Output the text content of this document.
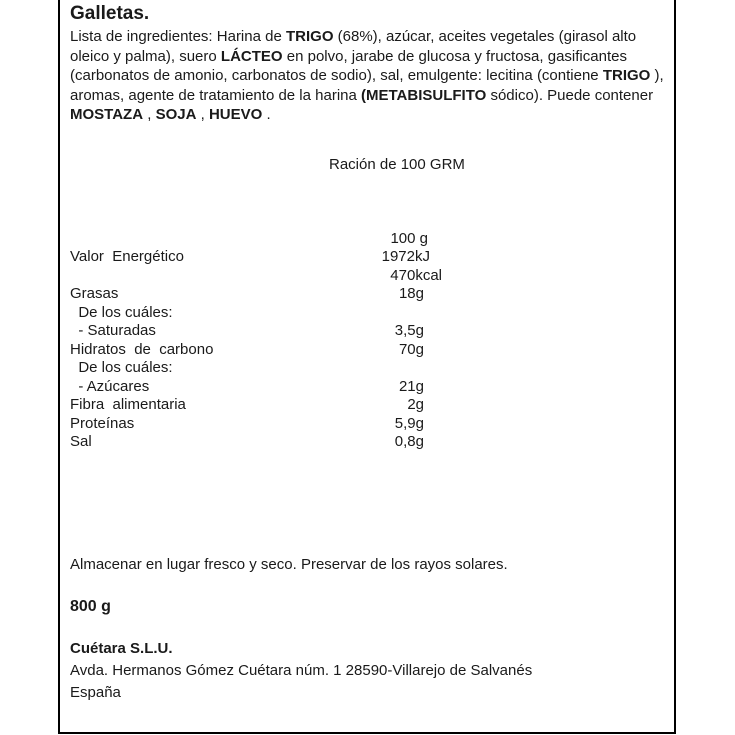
Galletas.

Lista de ingredientes: Harina de TRIGO (68%), azúcar, aceites vegetales (girasol alto oleico y palma), suero LÁCTEO en polvo, jarabe de glucosa y fructosa, gasificantes (carbonatos de amonio, carbonatos de sodio), sal, emulgente: lecitina (contiene TRIGO ), aromas, agente de tratamiento de la harina (METABISULFITO sódico). Puede contener MOSTAZA , SOJA , HUEVO .

Ración de 100 GRM
100 g
Valor  Energético	1972kJ
470kcal
Grasas	18g
De los cuáles:
- Saturadas	3,5g
Hidratos  de  carbono	70g
De los cuáles:
- Azúcares	21g
Fibra  alimentaria	2g
Proteínas	5,9g
Sal	0,8g
Almacenar en lugar fresco y seco. Preservar de los rayos solares.
800 g
Cuétara S.L.U.
Avda. Hermanos Gómez Cuétara núm. 1 28590-Villarejo de Salvanés
España
